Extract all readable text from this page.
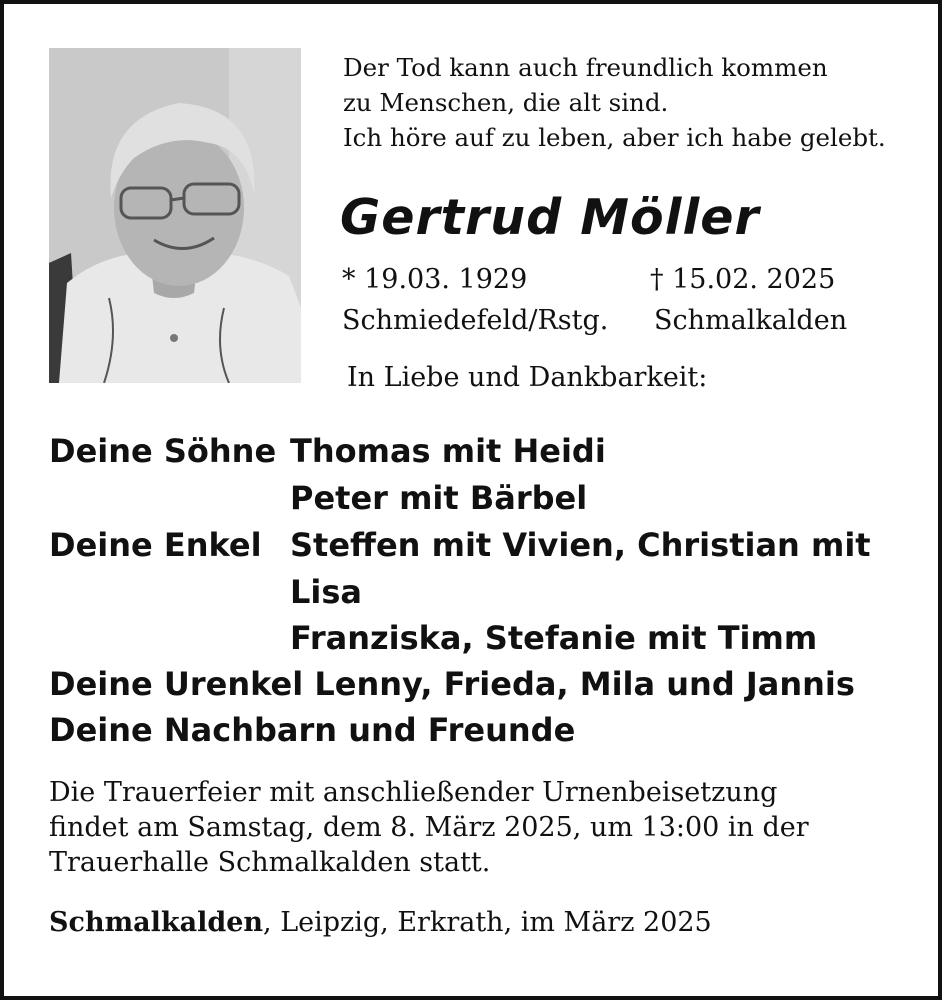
Der Tod kann auch freundlich kommen
zu Menschen, die alt sind.
Ich höre auf zu leben, aber ich habe gelebt.
Gertrud Möller
* 19.03. 1929	† 15.02. 2025
Schmiedefeld/Rstg. Schmalkalden
In Liebe und Dankbarkeit:
Deine Söhne Thomas mit Heidi
Peter mit Bärbel
Deine Enkel Steffen mit Vivien, Christian mit
Lisa
Franziska, Stefanie mit Timm
Deine Urenkel Lenny, Frieda, Mila und Jannis
Deine Nachbarn und Freunde
Die Trauerfeier mit anschließender Urnenbeisetzung
findet am Samstag, dem 8. März 2025, um 13:00 in der
Trauerhalle Schmalkalden statt.
Schmalkalden, Leipzig, Erkrath, im März 2025
